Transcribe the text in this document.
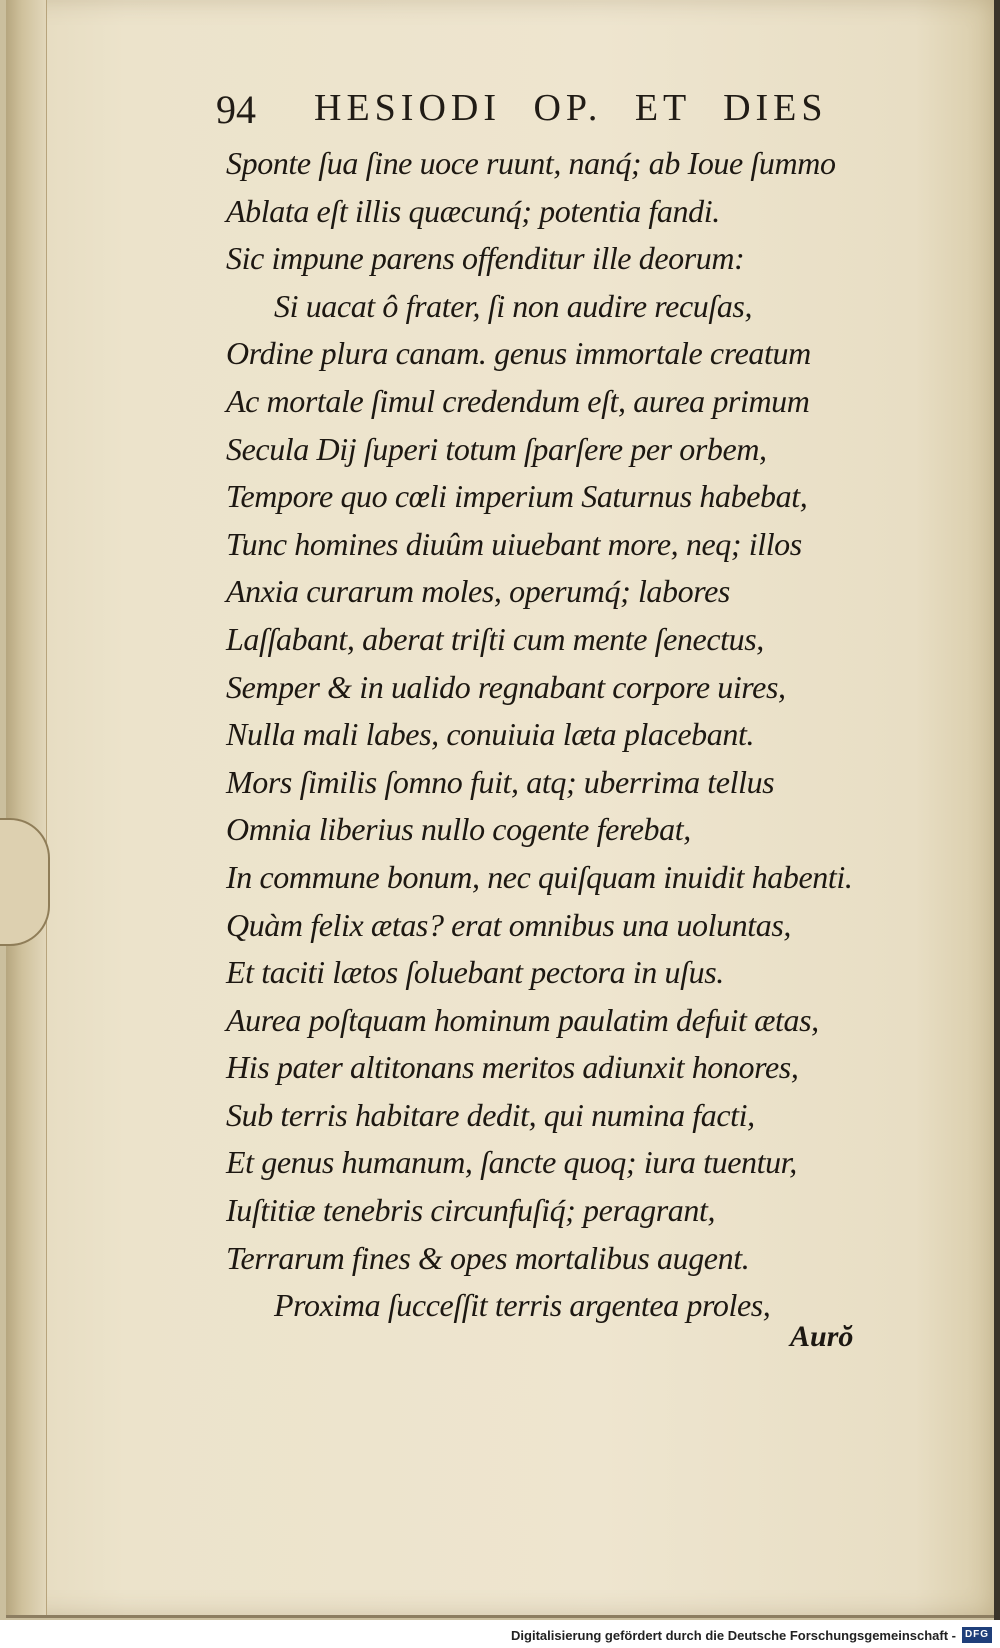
94 HESIODI OP. ET DIES
Sponte ſua ſine uoce ruunt, nanq́; ab Ioue ſummo
Ablata eſt illis quæcunq́; potentia fandi.
Sic impune parens offenditur ille deorum:
Si uacat ô frater, ſi non audire recuſas,
Ordine plura canam. genus immortale creatum
Ac mortale ſimul credendum eſt, aurea primum
Secula Dij ſuperi totum ſparſere per orbem,
Tempore quo cœli imperium Saturnus habebat,
Tunc homines diuûm uiuebant more, neq; illos
Anxia curarum moles, operumq́; labores
Laſſabant, aberat triſti cum mente ſenectus,
Semper & in ualido regnabant corpore uires,
Nulla mali labes, conuiuia læta placebant.
Mors ſimilis ſomno fuit, atq; uberrima tellus
Omnia liberius nullo cogente ferebat,
In commune bonum, nec quiſquam inuidit habenti.
Quàm felix ætas? erat omnibus una uoluntas,
Et taciti lætos ſoluebant pectora in uſus.
Aurea poſtquam hominum paulatim defuit ætas,
His pater altitonans meritos adiunxit honores,
Sub terris habitare dedit, qui numina facti,
Et genus humanum, ſancte quoq; iura tuentur,
Iuſtitiæ tenebris circunfuſiq́; peragrant,
Terrarum fines & opes mortalibus augent.
Proxima ſucceſſit terris argentea proles,
Aurŏ
Digitalisierung gefördert durch die Deutsche Forschungsgemeinschaft - DFG
